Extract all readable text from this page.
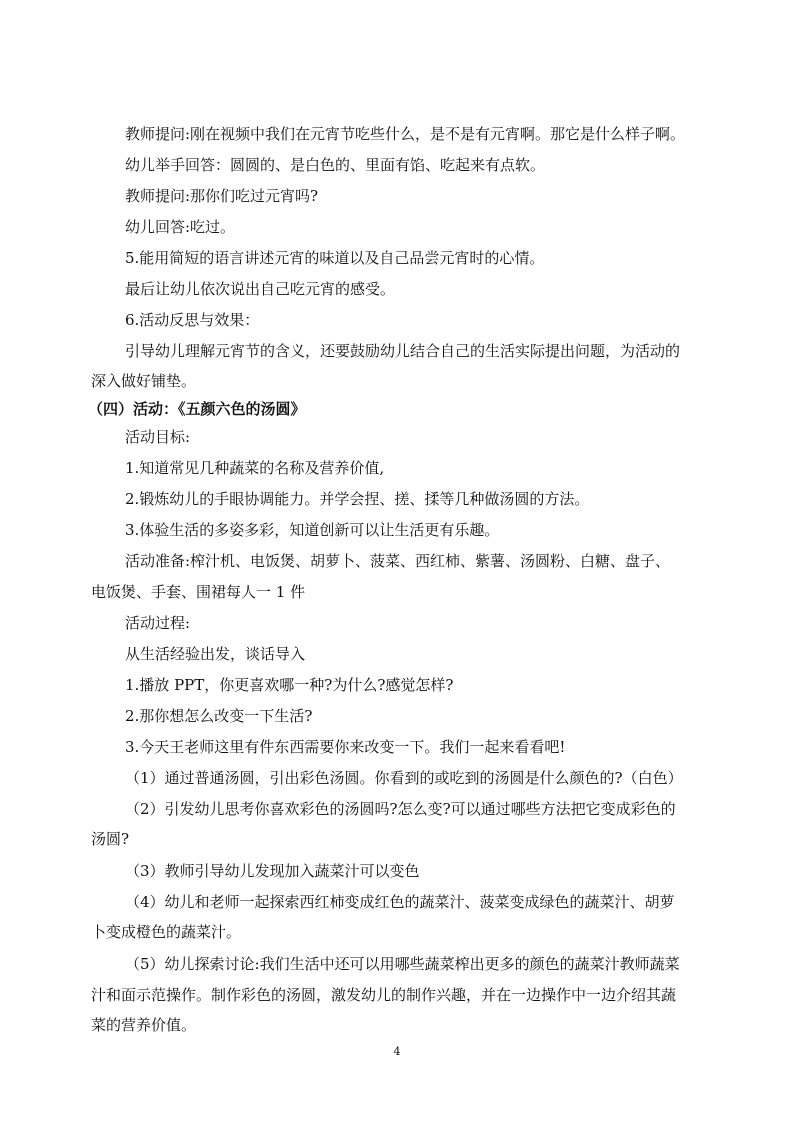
教师提问:刚在视频中我们在元宵节吃些什么，是不是有元宵啊。那它是什么样子啊。
幼儿举手回答：圆圆的、是白色的、里面有馅、吃起来有点软。
教师提问:那你们吃过元宵吗?
幼儿回答:吃过。
5.能用简短的语言讲述元宵的味道以及自己品尝元宵时的心情。
最后让幼儿依次说出自己吃元宵的感受。
6.活动反思与效果：
引导幼儿理解元宵节的含义，还要鼓励幼儿结合自己的生活实际提出问题，为活动的
深入做好铺垫。
（四）活动：《五颜六色的汤圆》
活动目标:
1.知道常见几种蔬菜的名称及营养价值,
2.锻炼幼儿的手眼协调能力。并学会捏、搓、揉等几种做汤圆的方法。
3.体验生活的多姿多彩，知道创新可以让生活更有乐趣。
活动准备:榨汁机、电饭煲、胡萝卜、菠菜、西红柿、紫薯、汤圆粉、白糖、盘子、
电饭煲、手套、围裙每人一 1 件
活动过程:
从生活经验出发，谈话导入
1.播放 PPT，你更喜欢哪一种?为什么?感觉怎样?
2.那你想怎么改变一下生活?
3.今天王老师这里有件东西需要你来改变一下。我们一起来看看吧!
（1）通过普通汤圆，引出彩色汤圆。你看到的或吃到的汤圆是什么颜色的?（白色）
（2）引发幼儿思考你喜欢彩色的汤圆吗?怎么变?可以通过哪些方法把它变成彩色的
汤圆?
（3）教师引导幼儿发现加入蔬菜汁可以变色
（4）幼儿和老师一起探索西红柿变成红色的蔬菜汁、菠菜变成绿色的蔬菜汁、胡萝
卜变成橙色的蔬菜汁。
（5）幼儿探索讨论:我们生活中还可以用哪些蔬菜榨出更多的颜色的蔬菜汁教师蔬菜
汁和面示范操作。制作彩色的汤圆，激发幼儿的制作兴趣，并在一边操作中一边介绍其蔬
菜的营养价值。
4
